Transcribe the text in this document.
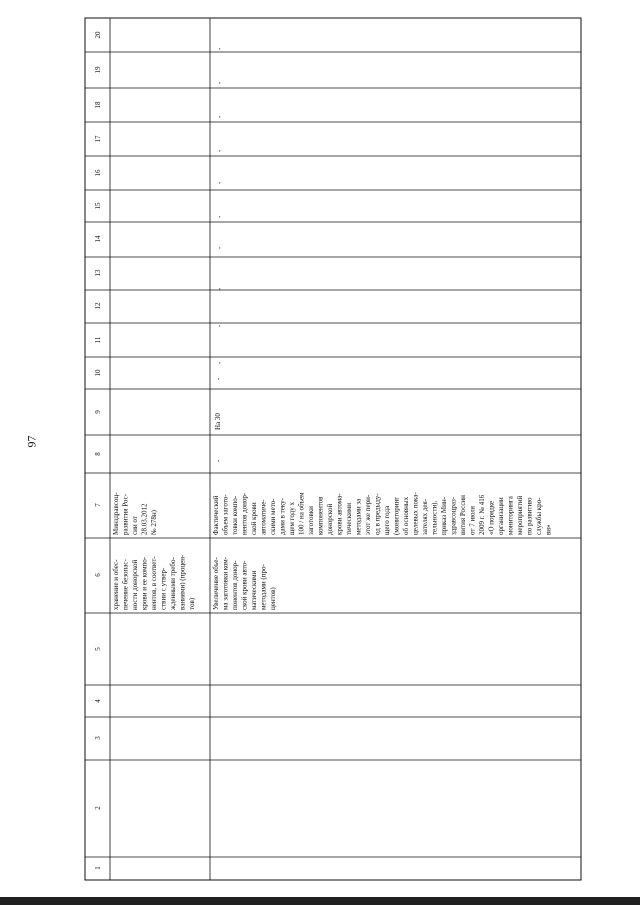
97
1
2
3
4
5
6
7
8
9
10
11
12
13
14
15
16
17
18
19
20
хранение и обес- печение безопас- ности донорской крови и ее компо- нентов, в соответ- ствии с утвер- жденными требо- ваниями) (процен- тов)
Минздравсоц- развития Рос- сии от 28.03.2012 № 278н)
Увеличение объе- ма заготовки ком- понентов донор- ской крови авто- матическими методами (про- центов)
Фактический объем загото- товки компо- нентов донор- ской крови автоматиче- скими мето- дами в теку- щем году х 100 / на объем заготовки компонентов донорской крови автома- тическими методами за этот же пери- од в предыду- щего года (мониторинг об основных целевых пока- зателях дея- тельности), приказ Мин- здравсоцраз- вития России от 7 июля 2009 г. № 416 «О порядке организации мониторинга мероприятий по развитию службы кро- ви»
-
На 30
-
-
-
-
-
-
-
-
-
-
-
